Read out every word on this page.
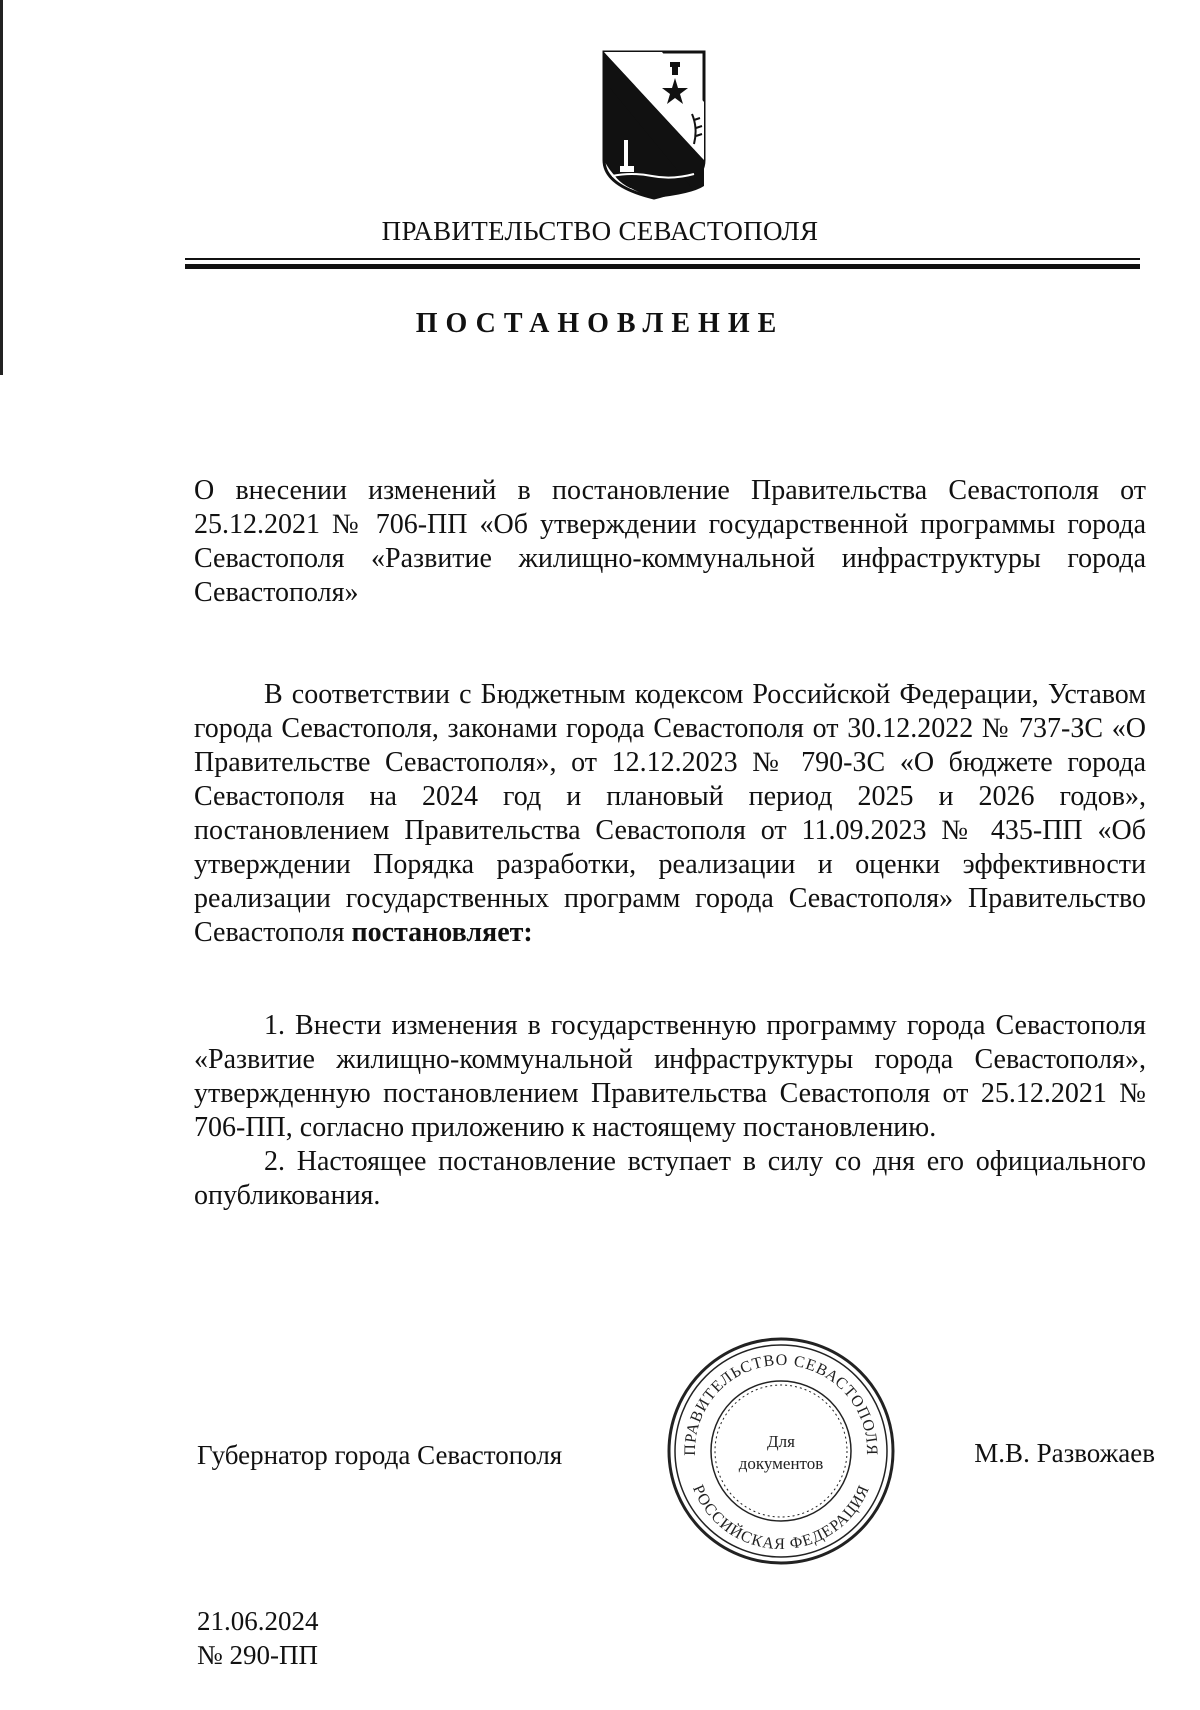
ПРАВИТЕЛЬСТВО СЕВАСТОПОЛЯ
ПОСТАНОВЛЕНИЕ

О внесении изменений в постановление Правительства Севастополя от 25.12.2021 № 706-ПП «Об утверждении государственной программы города Севастополя «Развитие жилищно-коммунальной инфраструктуры города Севастополя»

В соответствии с Бюджетным кодексом Российской Федерации, Уставом города Севастополя, законами города Севастополя от 30.12.2022 № 737-ЗС «О Правительстве Севастополя», от 12.12.2023 № 790-ЗС «О бюджете города Севастополя на 2024 год и плановый период 2025 и 2026 годов», постановлением Правительства Севастополя от 11.09.2023 № 435-ПП «Об утверждении Порядка разработки, реализации и оценки эффективности реализации государственных программ города Севастополя» Правительство Севастополя постановляет:

1. Внести изменения в государственную программу города Севастополя «Развитие жилищно-коммунальной инфраструктуры города Севастополя», утвержденную постановлением Правительства Севастополя от 25.12.2021 № 706-ПП, согласно приложению к настоящему постановлению.

2. Настоящее постановление вступает в силу со дня его официального опубликования.

Губернатор города Севастополя	ПРАВИТЕЛЬСТВО СЕВАСТОПОЛЯ
РОССИЙСКАЯ ФЕДЕРАЦИЯ
Для
документов	М.В. Развожаев
21.06.2024
№ 290-ПП
